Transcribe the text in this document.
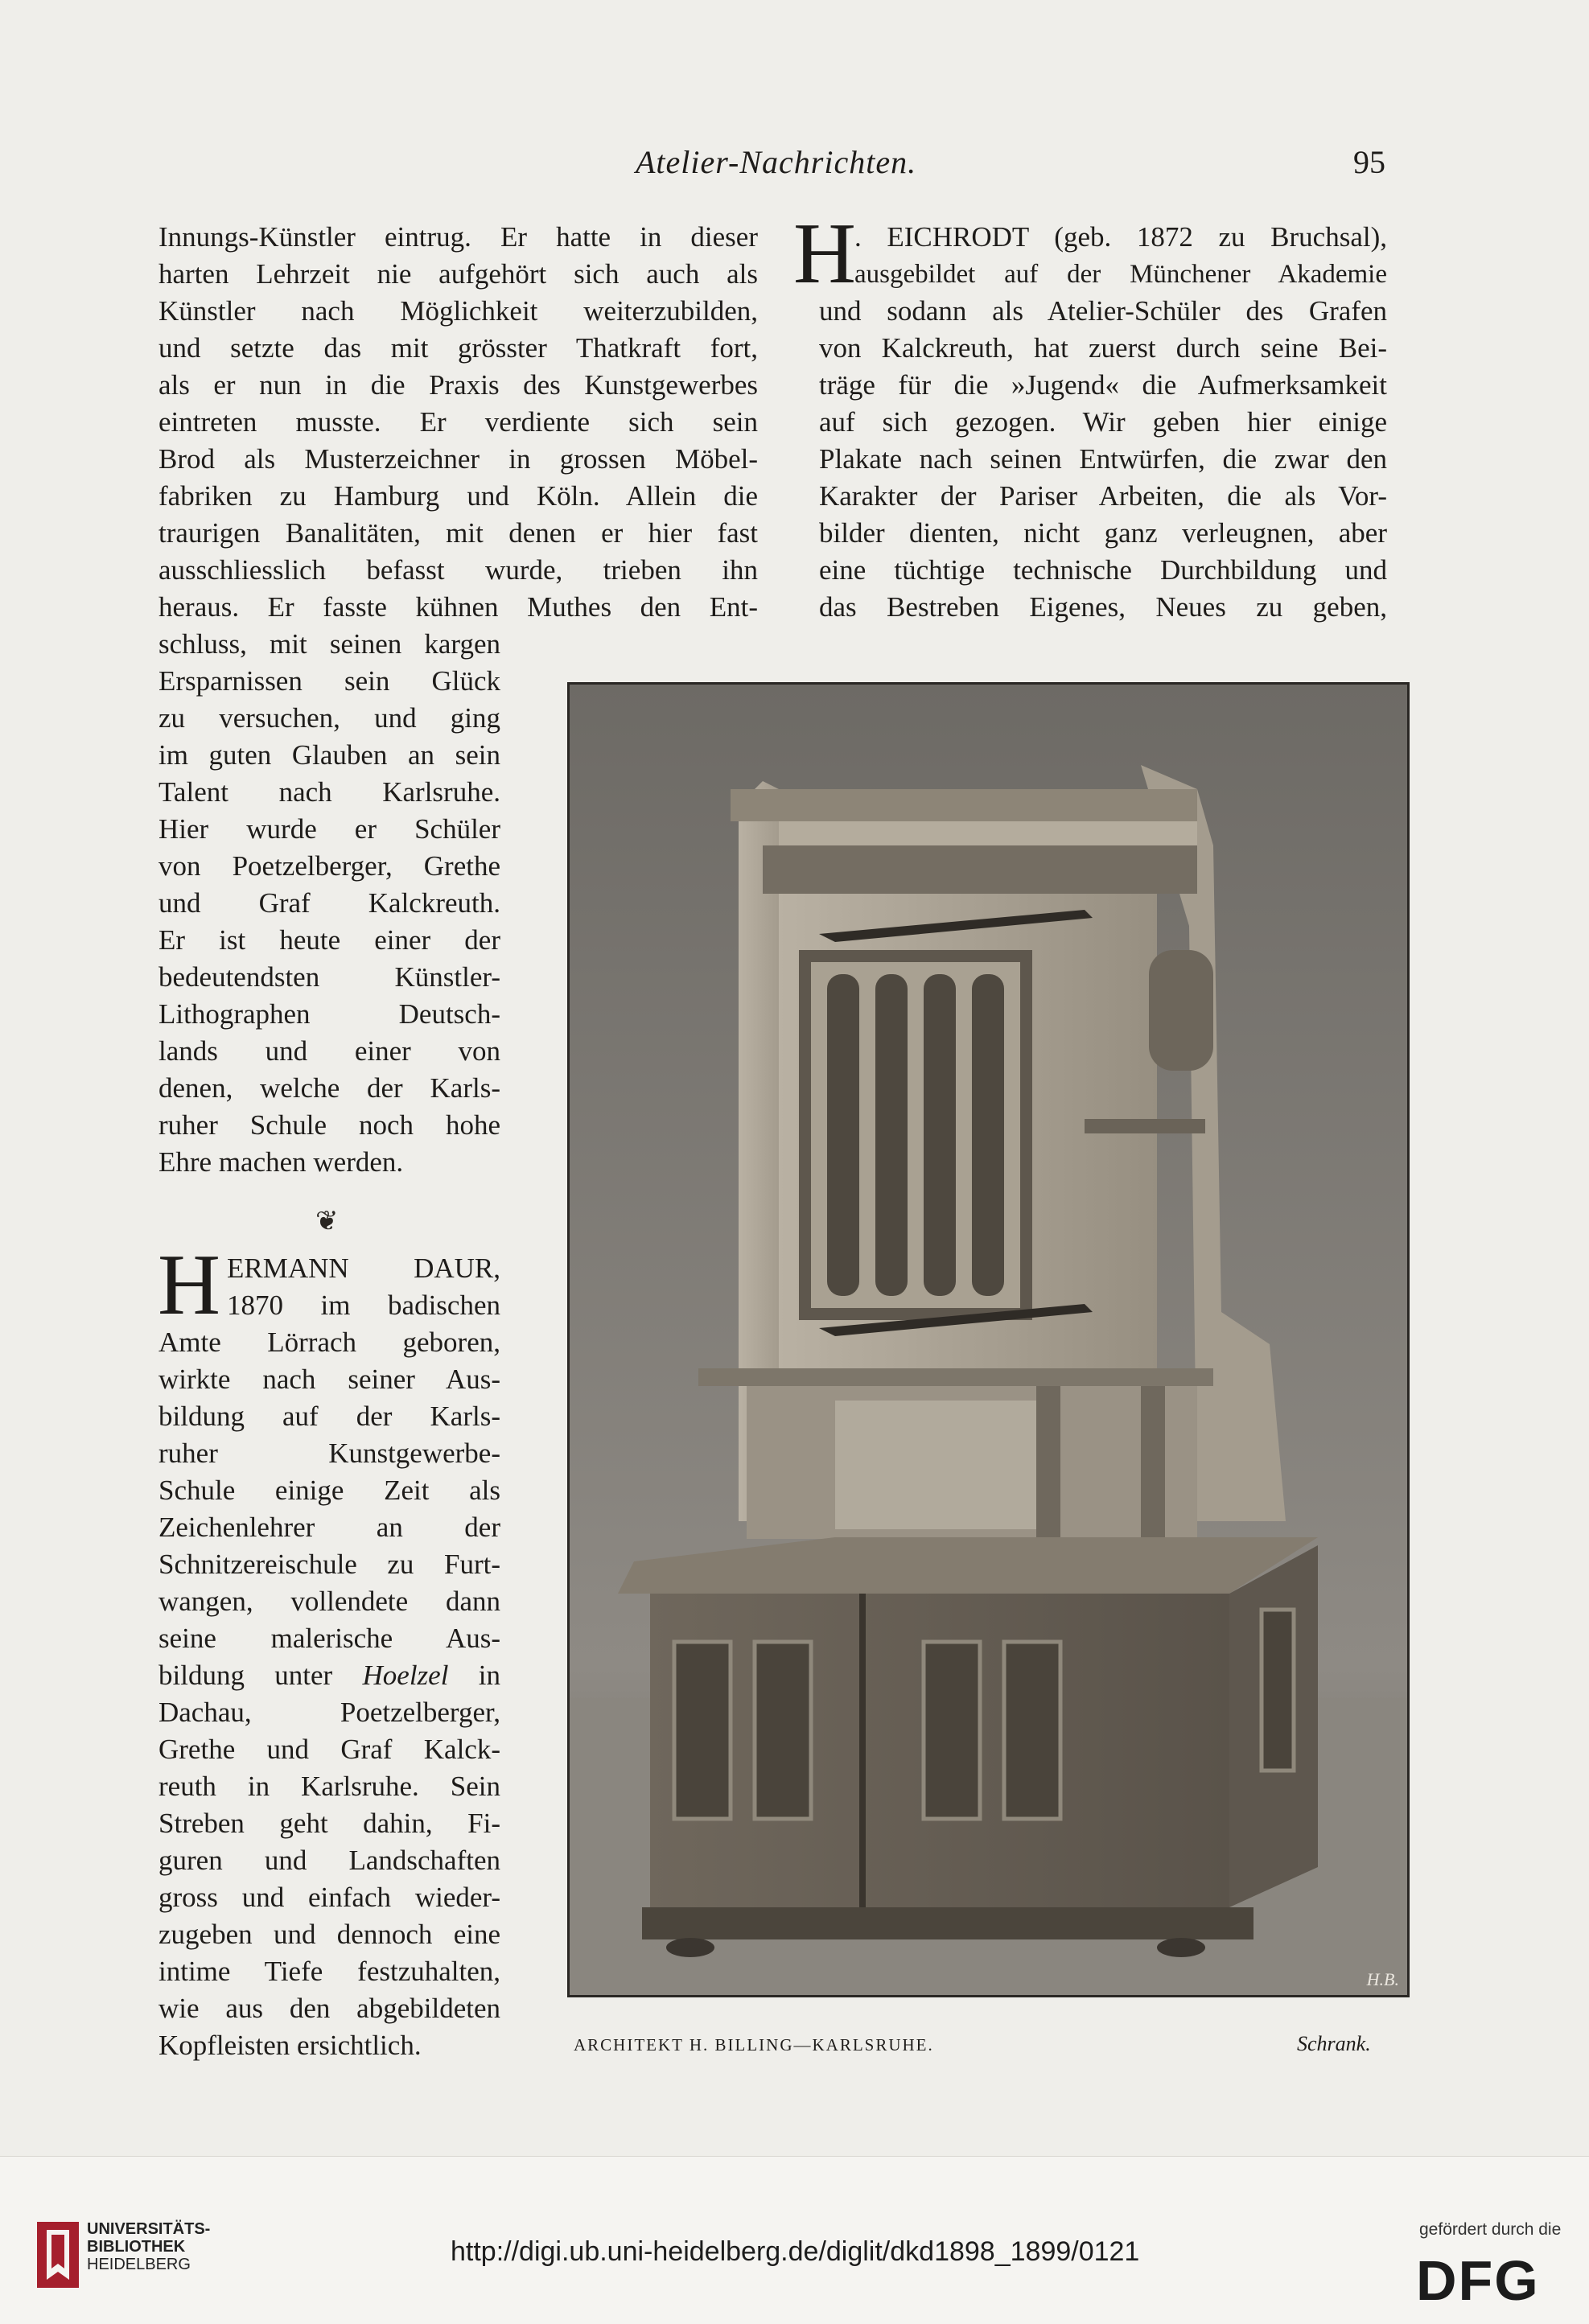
Atelier-Nachrichten.	95
Innungs-Künstler eintrug. Er hatte in dieser
harten Lehrzeit nie aufgehört sich auch als
Künstler nach Möglichkeit weiterzubilden,
und setzte das mit grösster Thatkraft fort,
als er nun in die Praxis des Kunstgewerbes
eintreten musste. Er verdiente sich sein
Brod als Musterzeichner in grossen Möbel-
fabriken zu Hamburg und Köln. Allein die
traurigen Banalitäten, mit denen er hier fast
ausschliesslich befasst wurde, trieben ihn
heraus. Er fasste kühnen Muthes den Ent-
schluss, mit seinen kargen
Ersparnissen sein Glück
zu versuchen, und ging
im guten Glauben an sein
Talent nach Karlsruhe.
Hier wurde er Schüler
von Poetzelberger, Grethe
und Graf Kalckreuth.
Er ist heute einer der
bedeutendsten Künstler-
Lithographen Deutsch-
lands und einer von
denen, welche der Karls-
ruher Schule noch hohe
Ehre machen werden.
❦
H ERMANN DAUR,
1870 im badischen
Amte Lörrach geboren,
wirkte nach seiner Aus-
bildung auf der Karls-
ruher Kunstgewerbe-
Schule einige Zeit als
Zeichenlehrer an der
Schnitzereischule zu Furt-
wangen, vollendete dann
seine malerische Aus-
bildung unter Hoelzel in
Dachau, Poetzelberger,
Grethe und Graf Kalck-
reuth in Karlsruhe. Sein
Streben geht dahin, Fi-
guren und Landschaften
gross und einfach wieder-
zugeben und dennoch eine
intime Tiefe festzuhalten,
wie aus den abgebildeten
Kopfleisten ersichtlich.
H
. EICHRODT (geb. 1872 zu Bruchsal),
ausgebildet auf der Münchener Akademie
und sodann als Atelier-Schüler des Grafen
von Kalckreuth, hat zuerst durch seine Bei-
träge für die »Jugend« die Aufmerksamkeit
auf sich gezogen. Wir geben hier einige
Plakate nach seinen Entwürfen, die zwar den
Karakter der Pariser Arbeiten, die als Vor-
bilder dienten, nicht ganz verleugnen, aber
eine tüchtige technische Durchbildung und
das Bestreben Eigenes, Neues zu geben,
H.B.
ARCHITEKT H. BILLING—KARLSRUHE.	Schrank.
UNIVERSITÄTS-
BIBLIOTHEK
HEIDELBERG	http://digi.ub.uni-heidelberg.de/diglit/dkd1898_1899/0121
gefördert durch die
DFG
